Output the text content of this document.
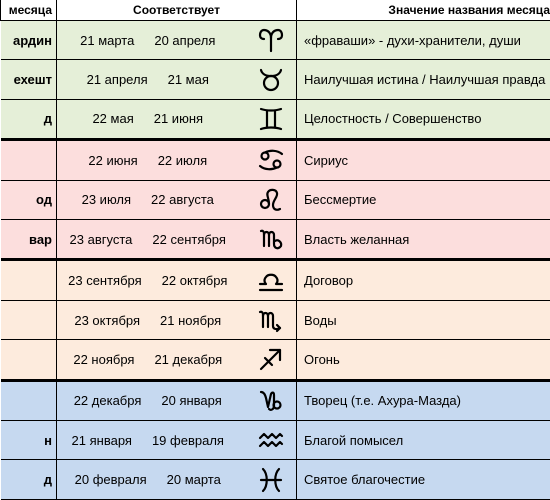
месяца	Соответствует		Значение названия месяца
ардин	21 марта 20 апреля		«фраваши» - духи-хранители, души
ехешт	21 апреля 21 мая		Наилучшая истина / Наилучшая правда
д	22 мая 21 июня		Целостность / Совершенство
	22 июня 22 июля		Сириус
од	23 июля 22 августа		Бессмертие
вар	23 августа 22 сентября		Власть желанная
	23 сентября 22 октября		Договор
	23 октября 21 ноября		Воды
	22 ноября 21 декабря		Огонь
	22 декабря 20 января		Творец (т.е. Ахура-Мазда)
н	21 января 19 февраля		Благой помысел
д	20 февраля 20 марта		Святое благочестие
